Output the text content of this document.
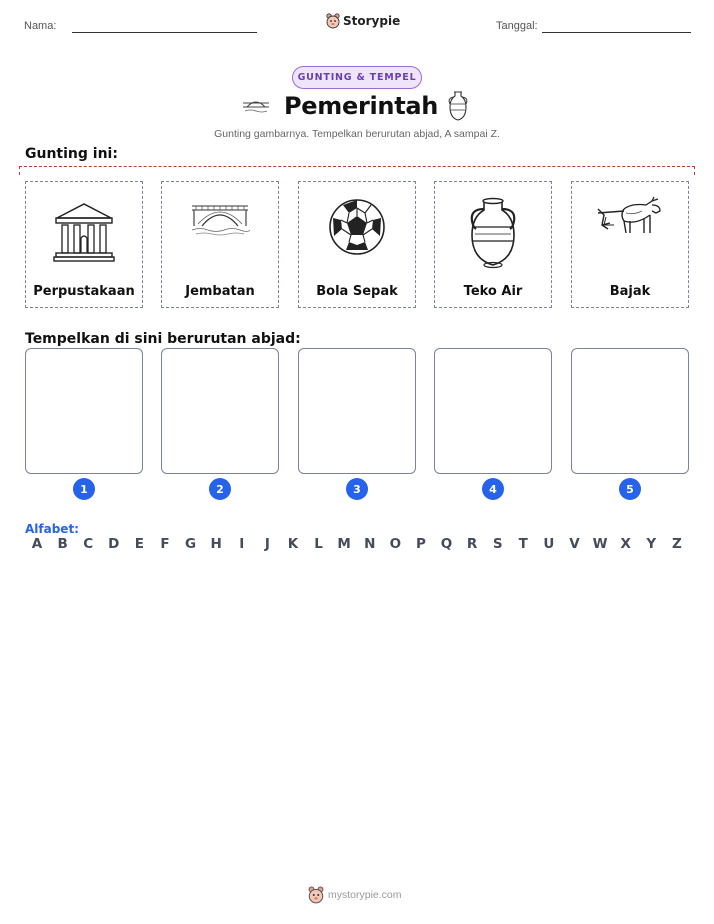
Nama:	Storypie	Tanggal:
GUNTING & TEMPEL
Pemerintah
Gunting gambarnya. Tempelkan berurutan abjad, A sampai Z.
Gunting ini:
Perpustakaan	Jembatan	Bola Sepak	Teko Air	Bajak
Tempelkan di sini berurutan abjad:
1	2	3	4	5
Alfabet:
A	B	C	D	E	F	G	H	I	J	K	L	M N	O	P	Q	R	S	T	U	V W X	Y	Z
mystorypie.com
